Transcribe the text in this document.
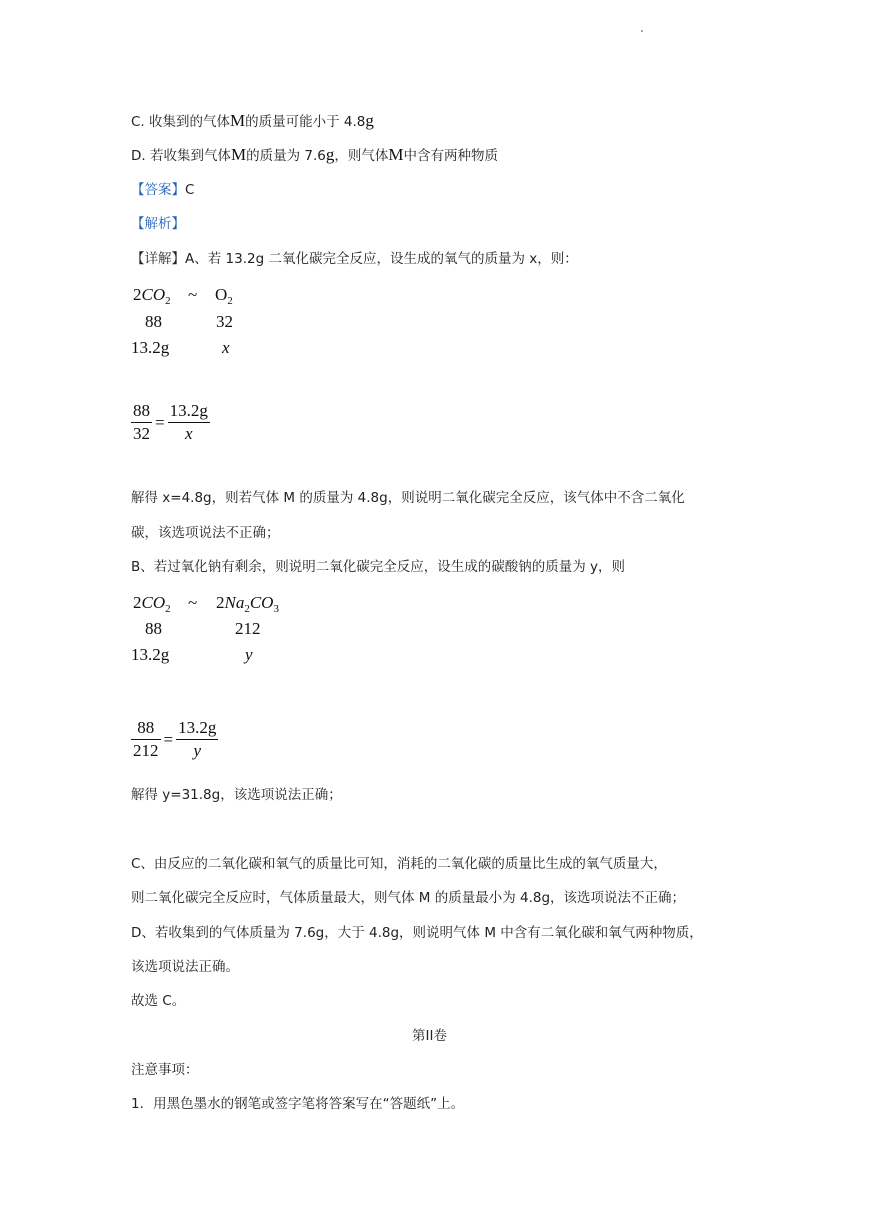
C. 收集到的气体M的质量可能小于 4.8g
D. 若收集到气体M的质量为 7.6g，则气体M中含有两种物质
【答案】C
【解析】
【详解】A、若 13.2g 二氧化碳完全反应，设生成的氧气的质量为 x，则：
$2CO_2$ ~ $O_2$
88	32
13.2g	x
$\frac{88}{32} = \frac{13.2g}{x}$
解得 x=4.8g，则若气体 M 的质量为 4.8g，则说明二氧化碳完全反应，该气体中不含二氧化
碳，该选项说法不正确；
B、若过氧化钠有剩余，则说明二氧化碳完全反应，设生成的碳酸钠的质量为 y，则
$2CO_2$ ~ $2Na_2CO_3$
88	212
13.2g	y
$\frac{88}{212} = \frac{13.2g}{y}$
解得 y=31.8g，该选项说法正确；
C、由反应的二氧化碳和氧气的质量比可知，消耗的二氧化碳的质量比生成的氧气质量大，
则二氧化碳完全反应时，气体质量最大，则气体 M 的质量最小为 4.8g，该选项说法不正确；
D、若收集到的气体质量为 7.6g，大于 4.8g，则说明气体 M 中含有二氧化碳和氧气两种物质，
该选项说法正确。
故选 C。
第II卷
注意事项：
1．用黑色墨水的钢笔或签字笔将答案写在“答题纸”上。
